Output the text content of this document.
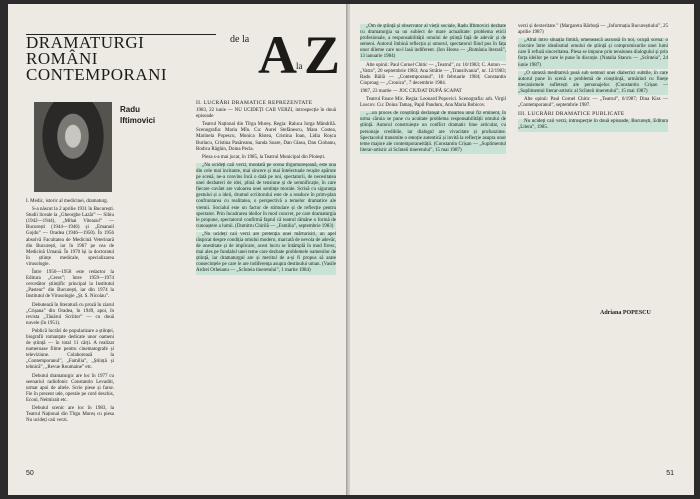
DRAMATURGI
ROMÂNI
CONTEMPORANI
de la A la Z
Radu
Iftimovici

I. Medic, istoric al medicinei, dramaturg.

S-a născut la 2 aprilie 1931 în București. Studii liceale la „Gheorghe Lazăr” — Sibiu (1942—1944), „Mihai Viteazul” — București (1944—1946) și „Emanuil Gojdu” — Oradea (1946—1950). În 1956 absolvă Facultatea de Medicină Veterinară din București, iar în 1967 pe cea de Medicină Umană. În 1970 își ia doctoratul în științe medicale, specializarea virusologie.

Între 1956—1958 este redactor la Editura „Ceres”; între 1959—1974 cercetător științific principal la Institutul „Pasteur” din București, iar din 1974 la Institutul de Virusologie „Șt. S. Nicolau”.

Debutează în literatură cu proză în ziarul „Crișana” din Oradea, în 1949, apoi, în revista „Tânărul Scriitor” — cu două nuvele (în 1951).

Publică lucrări de popularizare a științei, biografii romanțate dedicate unor oameni de știință — în total 11 cărți. A realizat numeroase filme pentru cinematografe și televiziune. Colaborează la „Contemporanul”, „Familia”, „Știință și tehnică”, „Revue Roumaine” etc.

Debutul dramaturgic are loc în 1977 cu seenariul radiofonic Constantin Levaditi, urmat apoi de altele. Scrie piese și farse. Fie în prezent ude, operale pe cord deschis, Ecoul, Nelmirait etc.

Debutul scenic are loc în 1983, la Teatrul Național din Tîrgu Mureș cu piesa Nu ucideți caii verzi.

II. LUCRĂRI DRAMATICE REPREZENTATE

1983, 22 iunie — NU UCIDEȚI CAII VERZI, introspecție în două episoade

Teatrul Național din Tîrgu Mureș. Regia: Raluca Iorga Mândrilă. Scenografia: Maria Mîn. Cu: Aurel Stefănescu, Mara Costea, Marinela Popescu, Monica Ristea, Cristina Ioan, Lidia Roșca Burlacu, Cristina Pasăreanu, Sanda Soare, Dan Glasu, Dan Ciobanu, Rodica Răghin, Doina Pecla.

Piesa s-a mai jucat, în 1985, la Teatrul Municipal din Ploiești.

„Nu ucideți caii verzi, montată pe scena tîrgumureșeană, este una din cele mai incitante, mai sincere și mai întelectuale reușite apărute pe scenă, ne-a convins încă o dată pe noi, spectatorii, de necesitatea unei dezbateri de idei, plină de tensiune și de semnificație, în care fiecare cuvânt are valoarea unei sentințe morale. Scrisă cu siguranța gestului și a ideii, drumul scriitorului este de a readuce în prim-plan confruntarea cu realitatea, o perspectivă a temelor dramatice ale vremii. Socialul este un factor de stimulare și de reflecție pentru spectator. Prin încadrarea ideilor în mod concret, pe care dramaturgia le propune, spectatorul confirmă faptul că teatrul rămâne o formă de cunoaștere a lumii. (Dumitru Chirilă — „Familia”, septembrie 1983)

„Nu ucideți caii verzi are pretenția unei mărturisiri, un apel răspicat despre condiția omului modern, marcată de nevoia de adevăr, de onestitate și de implicare, acest lucru se întâmplă în mod firesc, mai ales pe fundalul unei teme care dezbate problemele oamenilor de știință, iar dramaturgul are și meritul de a-și fi propus să arate consecințele pe care le are indiferența asupra destinului uman. (Vasile Ardrei Orheianu — „Scînteia tineretului”, 1 martie 1984)

50

„Om de știință și observator al vieții sociale, Radu Iftimovici dezbate cu dramaturgia sa un subiect de mare actualitate: problema eticii profesionale, a responsabilității omului de știință față de adevăr și de semeni. Autorul îmbină reflecția și umorul, spectatorul fiind pus în fața unor dileme care nu-l lasă indiferent. (Ion Horea — „România literară”, 13 ianuarie 1984)

Alte opinii: Paul Cornel Chitic — „Teatrul”, nr. 10/1983; C. Anton — „Vatra”, 20 septembrie 1983; Ana Strătie — „Transilvania”, nr. 12/1983; Radu Băilă — „Contemporanul”, 10 februarie 1984; Constantin Cioproag — „Cronica”, 7 decembrie 1984.

1987, 23 martie — JOC CIUDAT DUPĂ SCAPAT

Teatrul Fauce Mic. Regia: Leonard Popovici. Scenografia: arh. Virgil Luscov. Cu: Doina Tamaș, Papil Panduru, Ana Maria Bobicov.

„...un proces de conștiință declanșat de moartea unui fiz eminent, în urma căruia se pune cu acuitate problema responsabilității omului de știință. Autorul construiește un conflict dramatic bine articulat, cu personaje credibile, iar dialogul are vivacitate și profunzime. Spectacolul transmite o emoție autentică și invită la reflecție asupra unor teme majore ale contemporaneității. (Constantin Crișan — „Suplimentul literar-artistic al Scînteii tineretului”, 15 mai 1987)

verzi și dexteritate.” (Margareta Bărbuță — „Informația Bucureștiului”, 25 aprilie 1987)

„Altul intro situația limită, omenească ascunsă în noi, ocupă scena: o ciocnire între idealismul omului de știință și compromisurile unei lumi care îi refuză sinceritatea. Piesa se impune prin tensiunea dialogului și prin forța ideilor pe care le pune în discuție. (Natalia Stancu — „Scînteia”, 24 iunie 1987)

„O sinteză meditativă pusă sub semnul unei dialectici subtile, în care autorul pune în scenă o problemă de conștiință, urmărind cu finețe mecanismele sufletești ale personajelor. (Constantin Crișan — „Suplimentul literar-artistic al Scînteii tineretului”, 15 mai 1987)

Alte opinii: Paul Cornel Chitic — „Teatrul”, 6/1987; Dina Kiss — „Contemporanul”, septembrie 1987.

III. LUCRĂRI DRAMATICE PUBLICATE

Nu ucideți caii verzi, introspecție în două episoade, București, Editura „Litera”, 1985.

Adriana POPESCU
51
